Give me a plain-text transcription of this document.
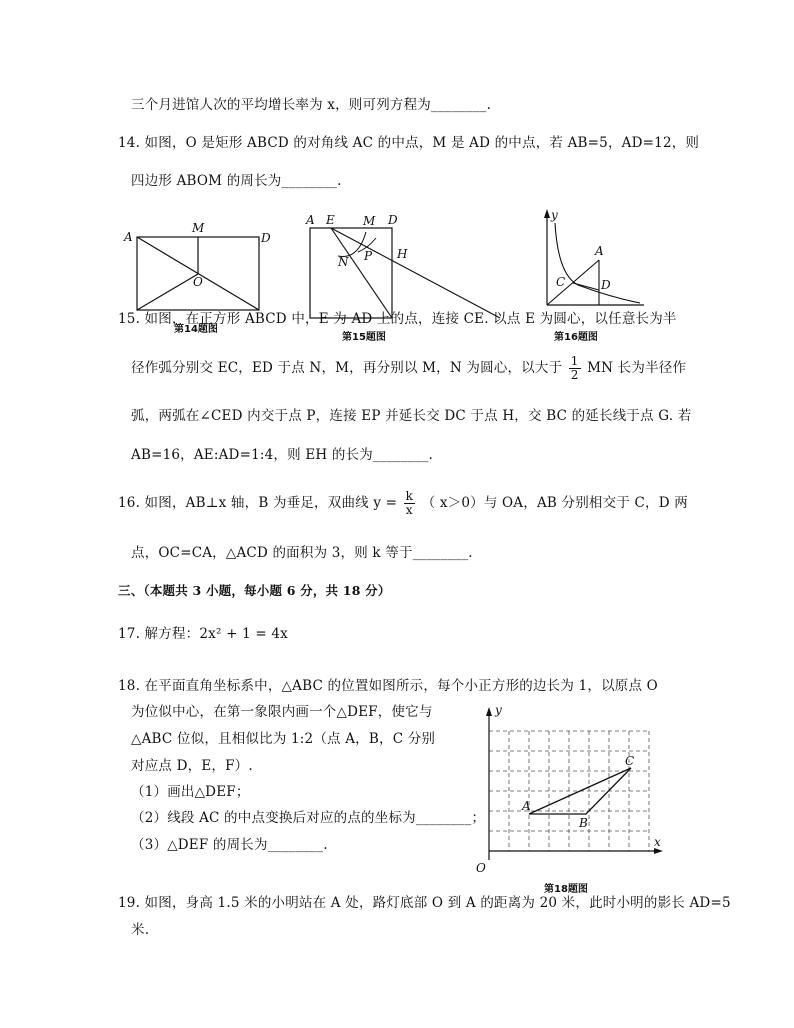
三个月进馆人次的平均增长率为 x，则可列方程为________.
14. 如图，O 是矩形 ABCD 的对角线 AC 的中点，M 是 AD 的中点，若 AB=5，AD=12，则
四边形 ABOM 的周长为________.
A
M
D
O
A E M D
N P H
y
A
C	D
15. 如图，在正方形 ABCD 中，E 为 AD 上的点，连接 CE. 以点 E 为圆心，以任意长为半
第14题图
第15题图	第16题图
径作弧分别交 EC，ED 于点 N，M，再分别以 M，N 为圆心，以大于 $\frac{1}{2}$ MN 长为半径作
弧，两弧在∠CED 内交于点 P，连接 EP 并延长交 DC 于点 H，交 BC 的延长线于点 G. 若
AB=16，AE:AD=1:4，则 EH 的长为________.
16. 如图，AB⊥x 轴，B 为垂足，双曲线 $y = \frac{k}{x}$ （ x＞0）与 OA，AB 分别相交于 C，D 两
点，OC=CA，△ACD 的面积为 3，则 k 等于________.
三、（本题共 3 小题，每小题 6 分，共 18 分）
17. 解方程：2x² + 1 = 4x
18. 在平面直角坐标系中，△ABC 的位置如图所示，每个小正方形的边长为 1，以原点 O
为位似中心，在第一象限内画一个△DEF，使它与
△ABC 位似，且相似比为 1:2（点 A，B，C 分别
对应点 D，E，F）.
（1）画出△DEF；
（2）线段 AC 的中点变换后对应的点的坐标为________；
（3）△DEF 的周长为________.
y
x
O
A
B
C
第18题图
19. 如图，身高 1.5 米的小明站在 A 处，路灯底部 O 到 A 的距离为 20 米，此时小明的影长 AD=5
米.
